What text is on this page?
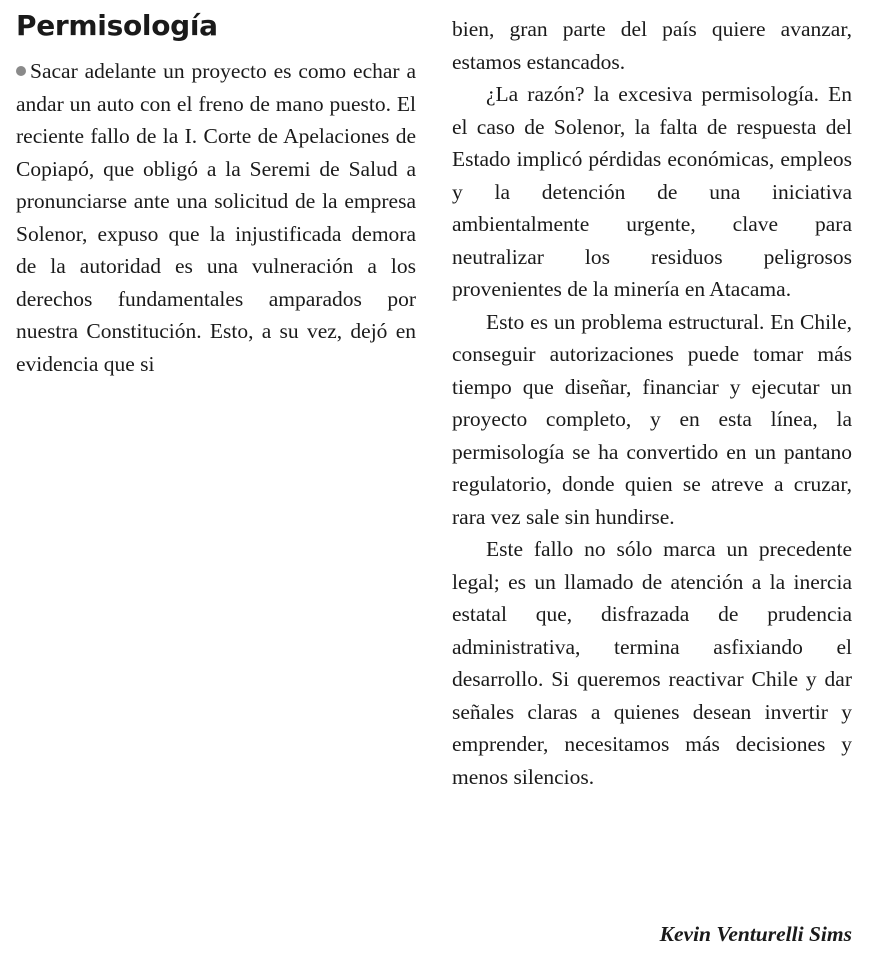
Permisología

Sacar adelante un proyecto es como echar a andar un auto con el freno de mano puesto. El reciente fallo de la I. Corte de Apelaciones de Copiapó, que obligó a la Seremi de Salud a pronunciarse ante una solicitud de la empresa Solenor, expuso que la injustificada demora de la autoridad es una vulneración a los derechos fundamentales amparados por nuestra Constitución. Esto, a su vez, dejó en evidencia que si

bien, gran parte del país quiere avanzar, estamos estancados.

¿La razón? la excesiva permisología. En el caso de Solenor, la falta de respuesta del Estado implicó pérdidas económicas, empleos y la detención de una iniciativa ambientalmente urgente, clave para neutralizar los residuos peligrosos provenientes de la minería en Atacama.

Esto es un problema estructural. En Chile, conseguir autorizaciones puede tomar más tiempo que diseñar, financiar y ejecutar un proyecto completo, y en esta línea, la permisología se ha convertido en un pantano regulatorio, donde quien se atreve a cruzar, rara vez sale sin hundirse.

Este fallo no sólo marca un precedente legal; es un llamado de atención a la inercia estatal que, disfrazada de prudencia administrativa, termina asfixiando el desarrollo. Si queremos reactivar Chile y dar señales claras a quienes desean invertir y emprender, necesitamos más decisiones y menos silencios.

Kevin Venturelli Sims
